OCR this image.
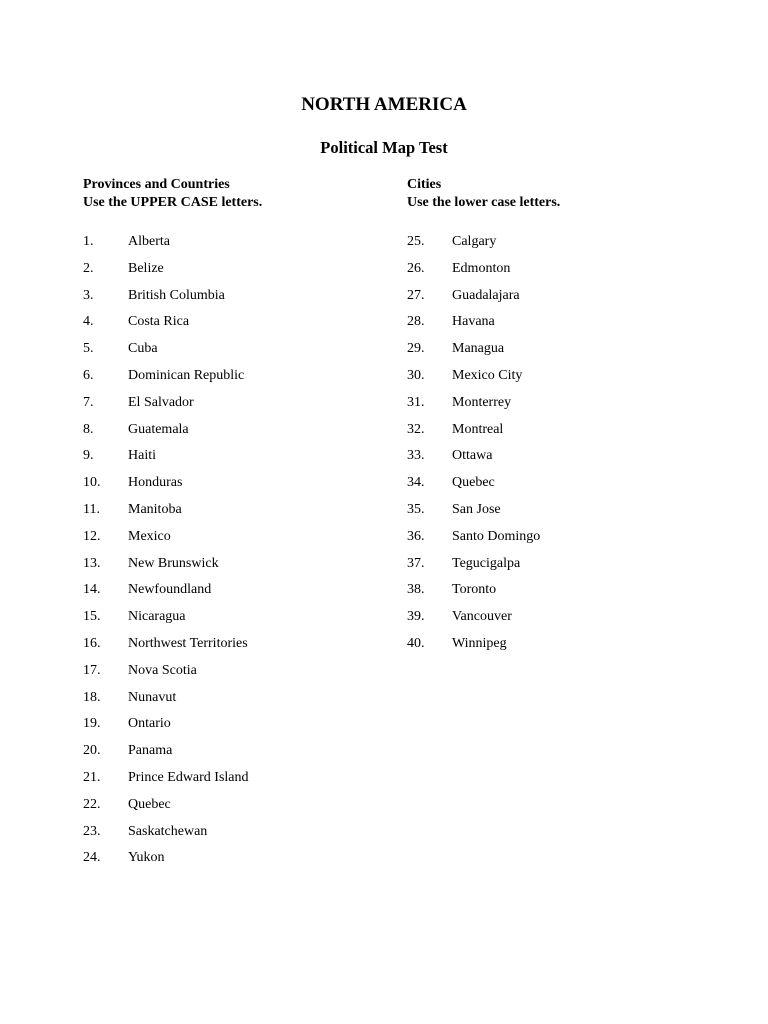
NORTH AMERICA
Political Map Test

Provinces and Countries
Use the UPPER CASE letters.

1.	Alberta
2.	Belize
3.	British Columbia
4.	Costa Rica
5.	Cuba
6.	Dominican Republic
7.	El Salvador
8.	Guatemala
9.	Haiti
10.	Honduras
11.	Manitoba
12.	Mexico
13.	New Brunswick
14.	Newfoundland
15.	Nicaragua
16.	Northwest Territories
17.	Nova Scotia
18.	Nunavut
19.	Ontario
20.	Panama
21.	Prince Edward Island
22.	Quebec
23.	Saskatchewan
24.	Yukon

Cities
Use the lower case letters.

25.	Calgary
26.	Edmonton
27.	Guadalajara
28.	Havana
29.	Managua
30.	Mexico City
31.	Monterrey
32.	Montreal
33.	Ottawa
34.	Quebec
35.	San Jose
36.	Santo Domingo
37.	Tegucigalpa
38.	Toronto
39.	Vancouver
40.	Winnipeg
